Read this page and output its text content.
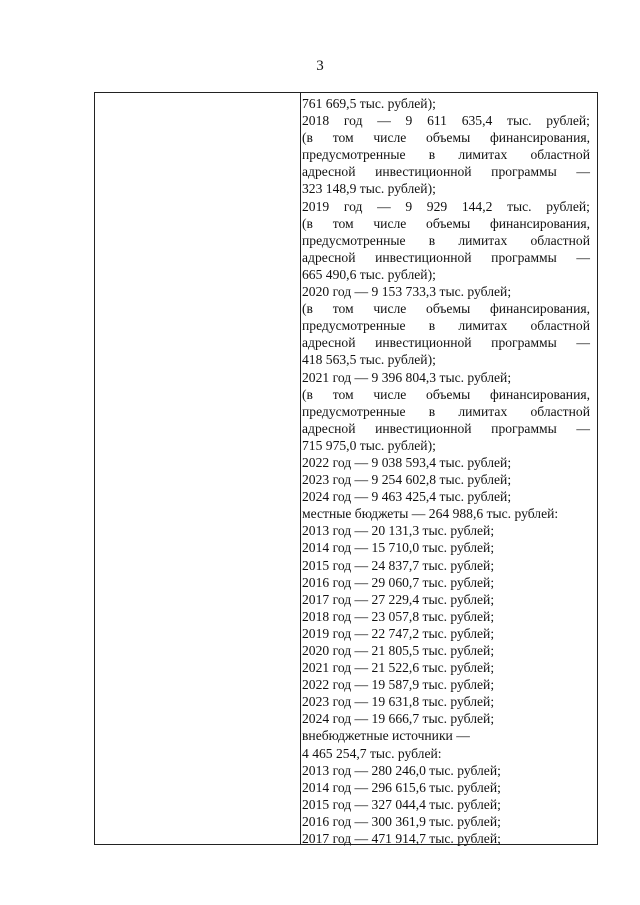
3
761 669,5 тыс. рублей);
2018 год — 9 611 635,4 тыс. рублей;
(в том числе объемы финансирования,
предусмотренные в лимитах областной
адресной инвестиционной программы —
323 148,9 тыс. рублей);
2019 год — 9 929 144,2 тыс. рублей;
(в том числе объемы финансирования,
предусмотренные в лимитах областной
адресной инвестиционной программы —
665 490,6 тыс. рублей);
2020 год — 9 153 733,3 тыс. рублей;
(в том числе объемы финансирования,
предусмотренные в лимитах областной
адресной инвестиционной программы —
418 563,5 тыс. рублей);
2021 год — 9 396 804,3 тыс. рублей;
(в том числе объемы финансирования,
предусмотренные в лимитах областной
адресной инвестиционной программы —
715 975,0 тыс. рублей);
2022 год — 9 038 593,4 тыс. рублей;
2023 год — 9 254 602,8 тыс. рублей;
2024 год — 9 463 425,4 тыс. рублей;
местные бюджеты — 264 988,6 тыс. рублей:
2013 год — 20 131,3 тыс. рублей;
2014 год — 15 710,0 тыс. рублей;
2015 год — 24 837,7 тыс. рублей;
2016 год — 29 060,7 тыс. рублей;
2017 год — 27 229,4 тыс. рублей;
2018 год — 23 057,8 тыс. рублей;
2019 год — 22 747,2 тыс. рублей;
2020 год — 21 805,5 тыс. рублей;
2021 год — 21 522,6 тыс. рублей;
2022 год — 19 587,9 тыс. рублей;
2023 год — 19 631,8 тыс. рублей;
2024 год — 19 666,7 тыс. рублей;
внебюджетные источники —
4 465 254,7 тыс. рублей:
2013 год — 280 246,0 тыс. рублей;
2014 год — 296 615,6 тыс. рублей;
2015 год — 327 044,4 тыс. рублей;
2016 год — 300 361,9 тыс. рублей;
2017 год — 471 914,7 тыс. рублей;
